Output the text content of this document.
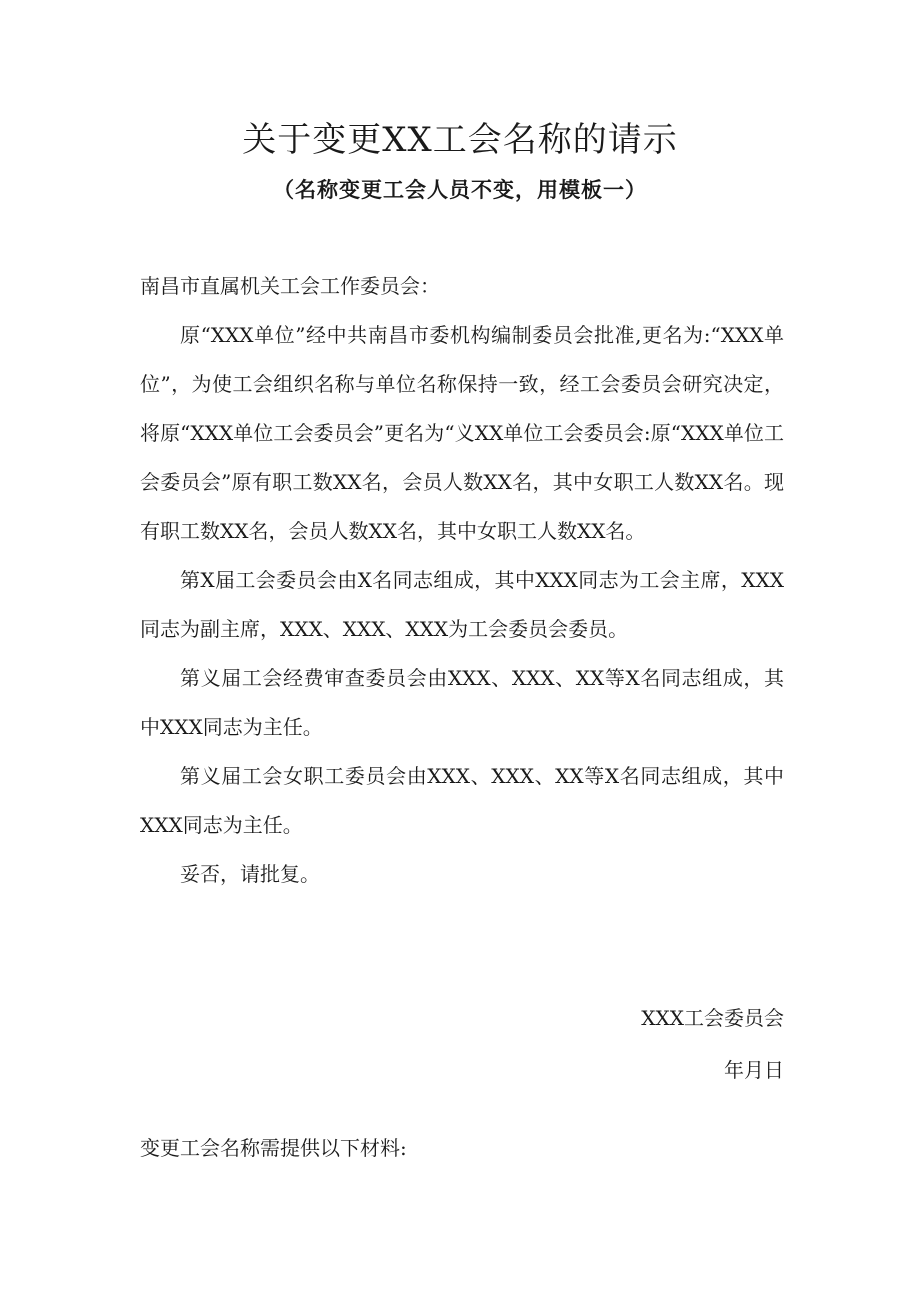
关于变更XX工会名称的请示
（名称变更工会人员不变，用模板一）

南昌市直属机关工会工作委员会：

原“XXX单位”经中共南昌市委机构编制委员会批准,更名为:“XXX单位”，为使工会组织名称与单位名称保持一致，经工会委员会研究决定，将原“XXX单位工会委员会”更名为“义XX单位工会委员会:原“XXX单位工会委员会”原有职工数XX名，会员人数XX名，其中女职工人数XX名。现有职工数XX名，会员人数XX名，其中女职工人数XX名。

第X届工会委员会由X名同志组成，其中XXX同志为工会主席，XXX同志为副主席，XXX、XXX、XXX为工会委员会委员。

第义届工会经费审查委员会由XXX、XXX、XX等X名同志组成，其中XXX同志为主任。

第义届工会女职工委员会由XXX、XXX、XX等X名同志组成，其中XXX同志为主任。

妥否，请批复。

XXX工会委员会
年月日
变更工会名称需提供以下材料:
